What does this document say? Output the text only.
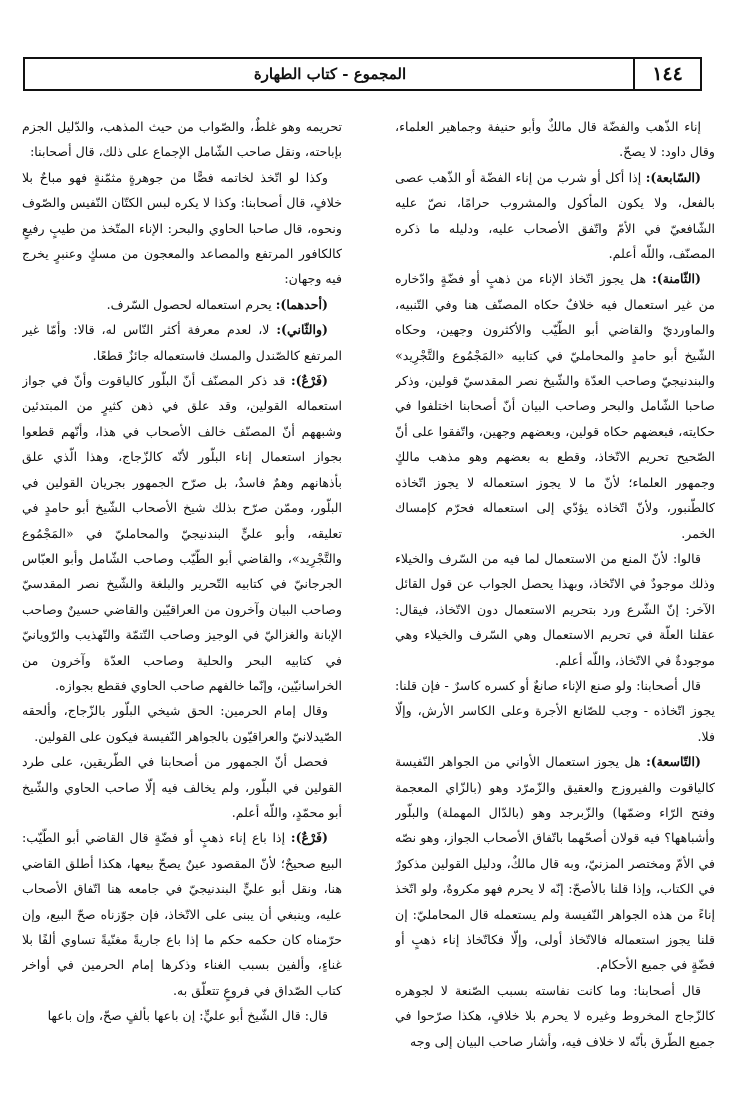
١٤٤
المجموع - كتاب الطهارة

إناء الذّهب والفضّة قال مالكٌ وأبو حنيفة وجماهير العلماء، وقال داود: لا يصحّ.

(السّابعة): إذا أكل أو شرب من إناء الفضّة أو الذّهب عصى بالفعل، ولا يكون المأكول والمشروب حرامًا، نصّ عليه الشّافعيّ في الأمّ واتّفق الأصحاب عليه، ودليله ما ذكره المصنّف، واللّه أعلم.

(الثّامنة): هل يجوز اتّخاذ الإناء من ذهبٍ أو فضّةٍ وادّخاره من غير استعمال فيه خلافٌ حكاه المصنّف هنا وفي التّنبيه، والماورديّ والقاضي أبو الطّيّب والأكثرون وجهين، وحكاه الشّيخ أبو حامدٍ والمحامليّ في كتابيه «المَجْمُوع والتَّجْرِيد» والبندنيجيّ وصاحب العدّة والشّيخ نصر المقدسيّ قولين، وذكر صاحبا الشّامل والبحر وصاحب البيان أنّ أصحابنا اختلفوا في حكايته، فبعضهم حكاه قولين، وبعضهم وجهين، واتّفقوا على أنّ الصّحيح تحريم الاتّخاذ، وقطع به بعضهم وهو مذهب مالكٍ وجمهور العلماء؛ لأنّ ما لا يجوز استعماله لا يجوز اتّخاذه كالطّنبور، ولأنّ اتّخاذه يؤدّي إلى استعماله فحرّم كإمساك الخمر.

قالوا: لأنّ المنع من الاستعمال لما فيه من السّرف والخيلاء وذلك موجودٌ في الاتّخاذ، وبهذا يحصل الجواب عن قول القائل الآخر: إنّ الشّرع ورد بتحريم الاستعمال دون الاتّخاذ، فيقال: عقلنا العلّة في تحريم الاستعمال وهي السّرف والخيلاء وهي موجودةٌ في الاتّخاذ، واللّه أعلم.

قال أصحابنا: ولو صنع الإناء صانعٌ أو كسره كاسرٌ - فإن قلنا: يجوز اتّخاذه - وجب للصّانع الأجرة وعلى الكاسر الأرش، وإلّا فلا.

(التّاسعة): هل يجوز استعمال الأواني من الجواهر النّفيسة كالياقوت والفيروزج والعقيق والزّمرّد وهو (بالزّاي المعجمة وفتح الرّاء وضمّها) والزّبرجد وهو (بالدّال المهملة) والبلّور وأشباهها؟ فيه قولان أصحّهما باتّفاق الأصحاب الجواز، وهو نصّه في الأمّ ومختصر المزنيّ، وبه قال مالكٌ، ودليل القولين مذكورٌ في الكتاب، وإذا قلنا بالأصحّ: إنّه لا يحرم فهو مكروهٌ، ولو اتّخذ إناءً من هذه الجواهر النّفيسة ولم يستعمله قال المحامليّ: إن قلنا يجوز استعماله فالاتّخاذ أولى، وإلّا فكاتّخاذ إناء ذهبٍ أو فضّةٍ في جميع الأحكام.

قال أصحابنا: وما كانت نفاسته بسبب الصّنعة لا لجوهره كالزّجاج المخروط وغيره لا يحرم بلا خلافٍ، هكذا صرّحوا في جميع الطّرق بأنّه لا خلاف فيه، وأشار صاحب البيان إلى وجه

تحريمه وهو غلطٌ، والصّواب من حيث المذهب، والدّليل الجزم بإباحته، ونقل صاحب الشّامل الإجماع على ذلك، قال أصحابنا:

وكذا لو اتّخذ لخاتمه فصًّا من جوهرةٍ مثمّنةٍ فهو مباحٌ بلا خلافٍ، قال أصحابنا: وكذا لا يكره لبس الكتّان النّفيس والصّوف ونحوه، قال صاحبا الحاوي والبحر: الإناء المتّخذ من طيبٍ رفيعٍ كالكافور المرتفع والمصاعد والمعجون من مسكٍ وعنبرٍ يخرج فيه وجهان:

(أحدهما): يحرم استعماله لحصول السّرف.

(والثّاني): لا، لعدم معرفة أكثر النّاس له، قالا: وأمّا غير المرتفع كالصّندل والمسك فاستعماله جائزٌ قطعًا.

(فَرْعٌ): قد ذكر المصنّف أنّ البلّور كالياقوت وأنّ في جواز استعماله القولين، وقد علق في ذهن كثيرٍ من المبتدئين وشبههم أنّ المصنّف خالف الأصحاب في هذا، وأنّهم قطعوا بجواز استعمال إناء البلّور لأنّه كالزّجاج، وهذا الّذي علق بأذهانهم وهمٌ فاسدٌ، بل صرّح الجمهور بجريان القولين في البلّور، وممّن صرّح بذلك شيخ الأصحاب الشّيخ أبو حامدٍ في تعليقه، وأبو عليٍّ البندنيجيّ والمحامليّ في «المَجْمُوع والتَّجْرِيد»، والقاضي أبو الطّيّب وصاحب الشّامل وأبو العبّاس الجرجانيّ في كتابيه التّحرير والبلغة والشّيخ نصر المقدسيّ وصاحب البيان وآخرون من العراقيّين والقاضي حسينٌ وصاحب الإبانة والغزاليّ في الوجيز وصاحب التّتمّة والتّهذيب والرّويانيّ في كتابيه البحر والحلية وصاحب العدّة وآخرون من الخراسانيّين، وإنّما خالفهم صاحب الحاوي فقطع بجوازه.

وقال إمام الحرمين: الحق شيخي البلّور بالزّجاج، وألحقه الصّيدلانيّ والعراقيّون بالجواهر النّفيسة فيكون على القولين.

فحصل أنّ الجمهور من أصحابنا في الطّريقين، على طرد القولين في البلّور، ولم يخالف فيه إلّا صاحب الحاوي والشّيخ أبو محمّدٍ، واللّه أعلم.

(فَرْعٌ): إذا باع إناء ذهبٍ أو فضّةٍ قال القاضي أبو الطّيّب: البيع صحيحٌ؛ لأنّ المقصود عينٌ يصحّ بيعها، هكذا أطلق القاضي هنا، ونقل أبو عليٍّ البندنيجيّ في جامعه هنا اتّفاق الأصحاب عليه، وينبغي أن يبنى على الاتّخاذ، فإن جوّزناه صحّ البيع، وإن حرّمناه كان حكمه حكم ما إذا باع جاريةً مغنّيةً تساوي ألفًا بلا غناءٍ، وألفين بسبب الغناء وذكرها إمام الحرمين في أواخر كتاب الصّداق في فروعٍ تتعلّق به.

قال: قال الشّيخ أبو عليٍّ: إن باعها بألفٍ صحّ، وإن باعها
